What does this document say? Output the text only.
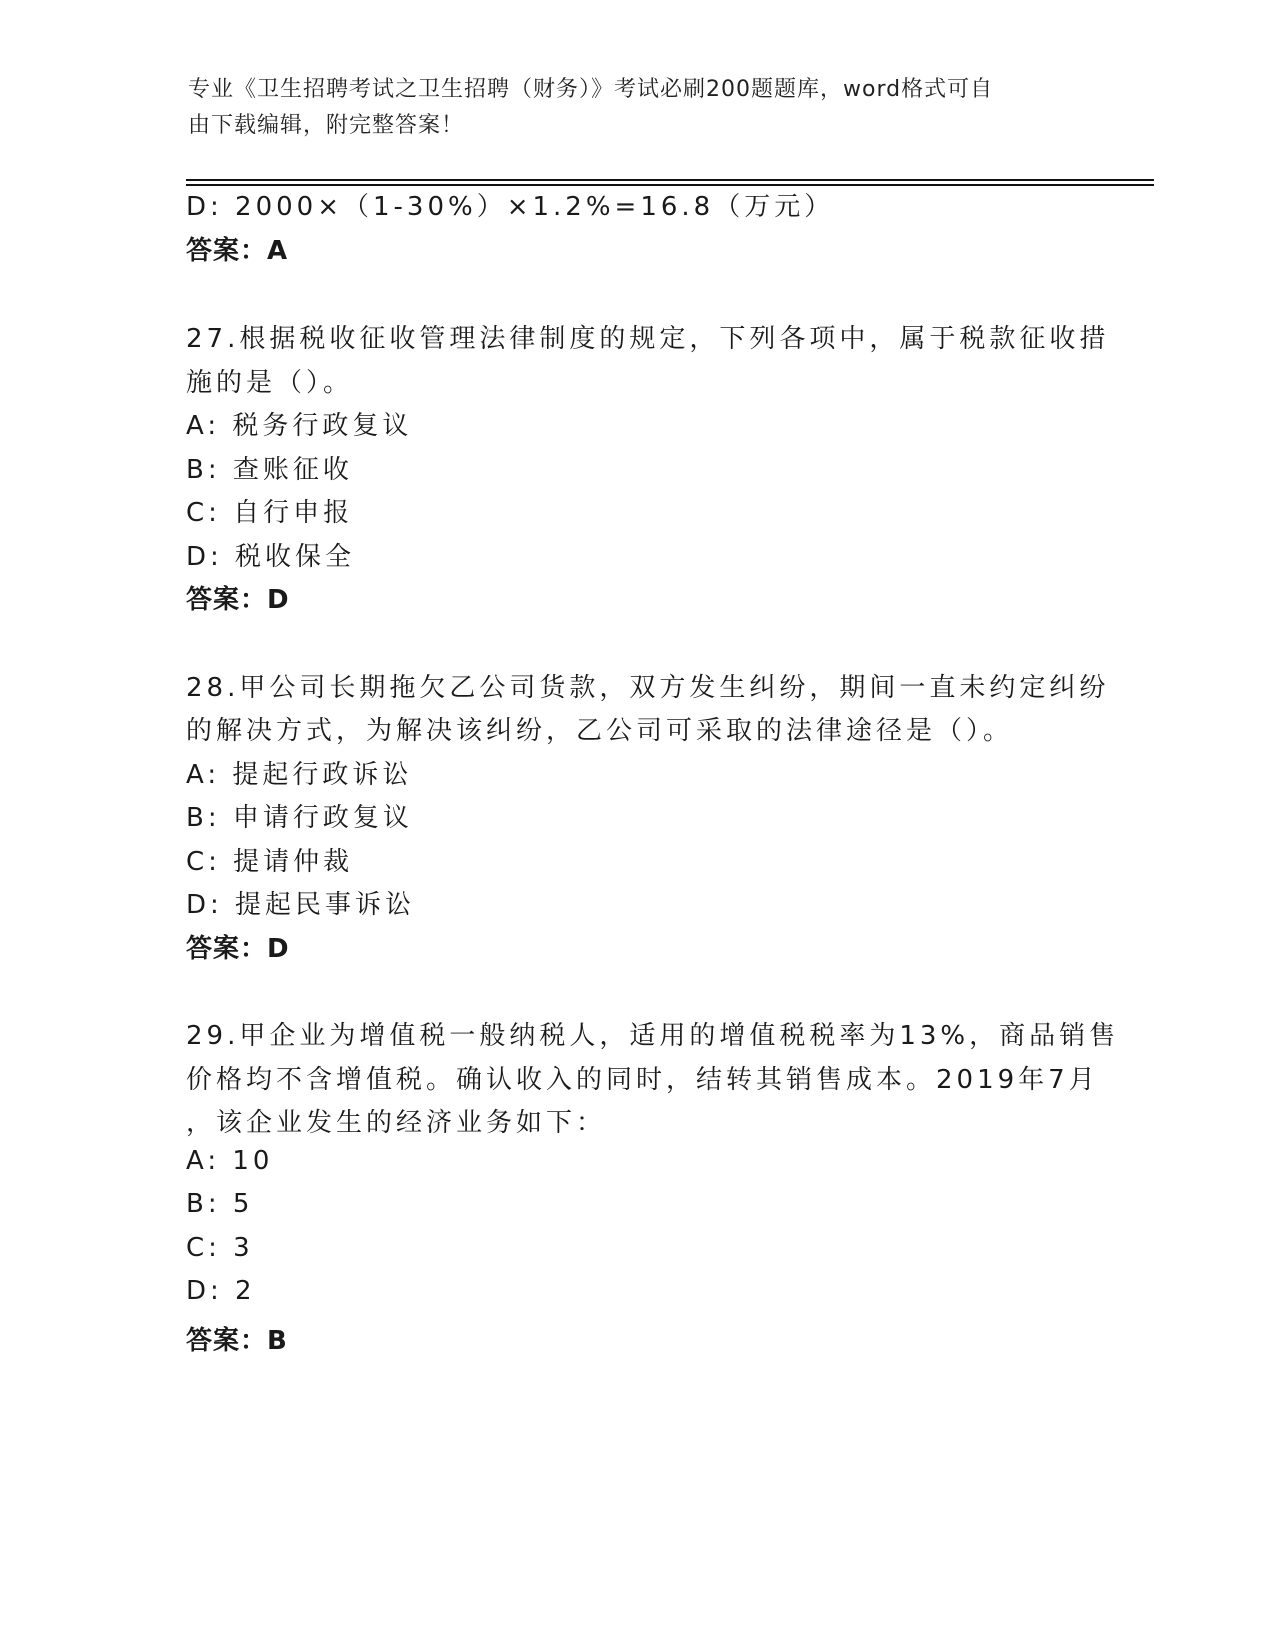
专业《卫生招聘考试之卫生招聘（财务）》考试必刷200题题库，word格式可自
由下载编辑，附完整答案！
D: 2000×（1-30%）×1.2%=16.8（万元）
答案：A
27.根据税收征收管理法律制度的规定，下列各项中，属于税款征收措
施的是（）。
A: 税务行政复议
B: 查账征收
C: 自行申报
D: 税收保全
答案：D
28.甲公司长期拖欠乙公司货款，双方发生纠纷，期间一直未约定纠纷
的解决方式，为解决该纠纷，乙公司可采取的法律途径是（）。
A: 提起行政诉讼
B: 申请行政复议
C: 提请仲裁
D: 提起民事诉讼
答案：D
29.甲企业为增值税一般纳税人，适用的增值税税率为13%，商品销售
价格均不含增值税。确认收入的同时，结转其销售成本。2019年7月
，该企业发生的经济业务如下：
A: 10
B: 5
C: 3
D: 2
答案：B
